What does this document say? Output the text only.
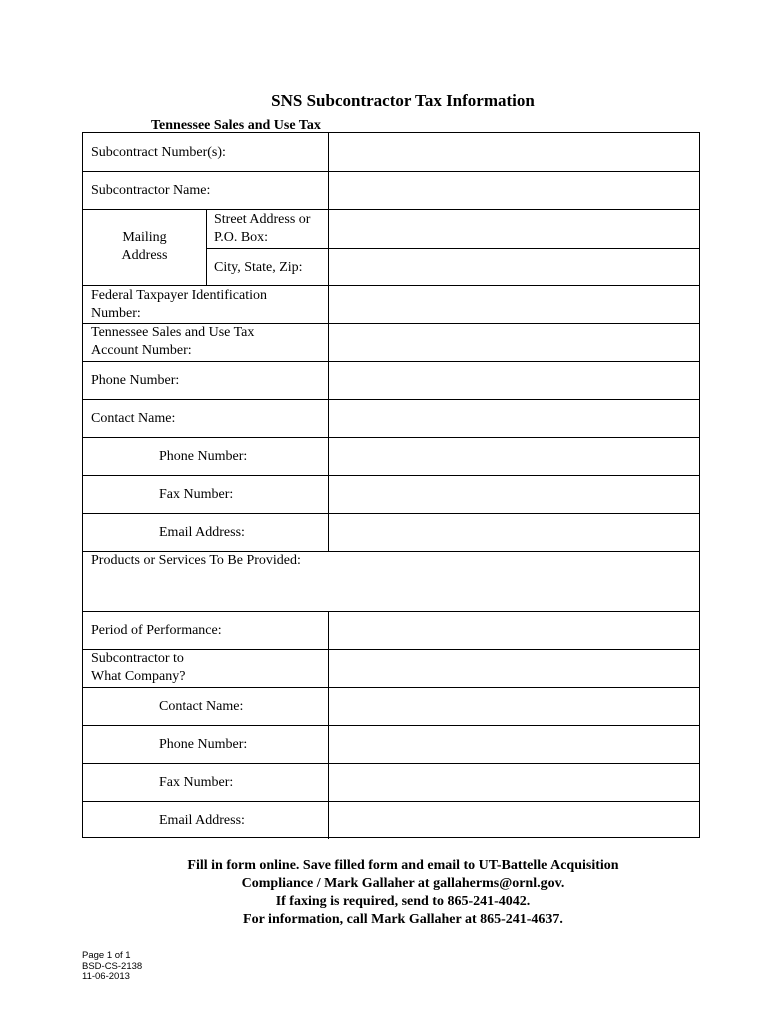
SNS Subcontractor Tax Information
Tennessee Sales and Use Tax
Subcontract Number(s):
Subcontractor Name:
Mailing
Address
Street Address or
P.O. Box:
City, State, Zip:
Federal Taxpayer Identification
Number:
Tennessee Sales and Use Tax
Account Number:
Phone Number:
Contact Name:
Phone Number:
Fax Number:
Email Address:
Products or Services To Be Provided:
Period of Performance:
Subcontractor to
What Company?
Contact Name:
Phone Number:
Fax Number:
Email Address:
Fill in form online. Save filled form and email to UT-Battelle Acquisition
Compliance / Mark Gallaher at gallaherms@ornl.gov.
If faxing is required, send to 865-241-4042.
For information, call Mark Gallaher at 865-241-4637.
Page 1 of 1
BSD-CS-2138
11-06-2013
